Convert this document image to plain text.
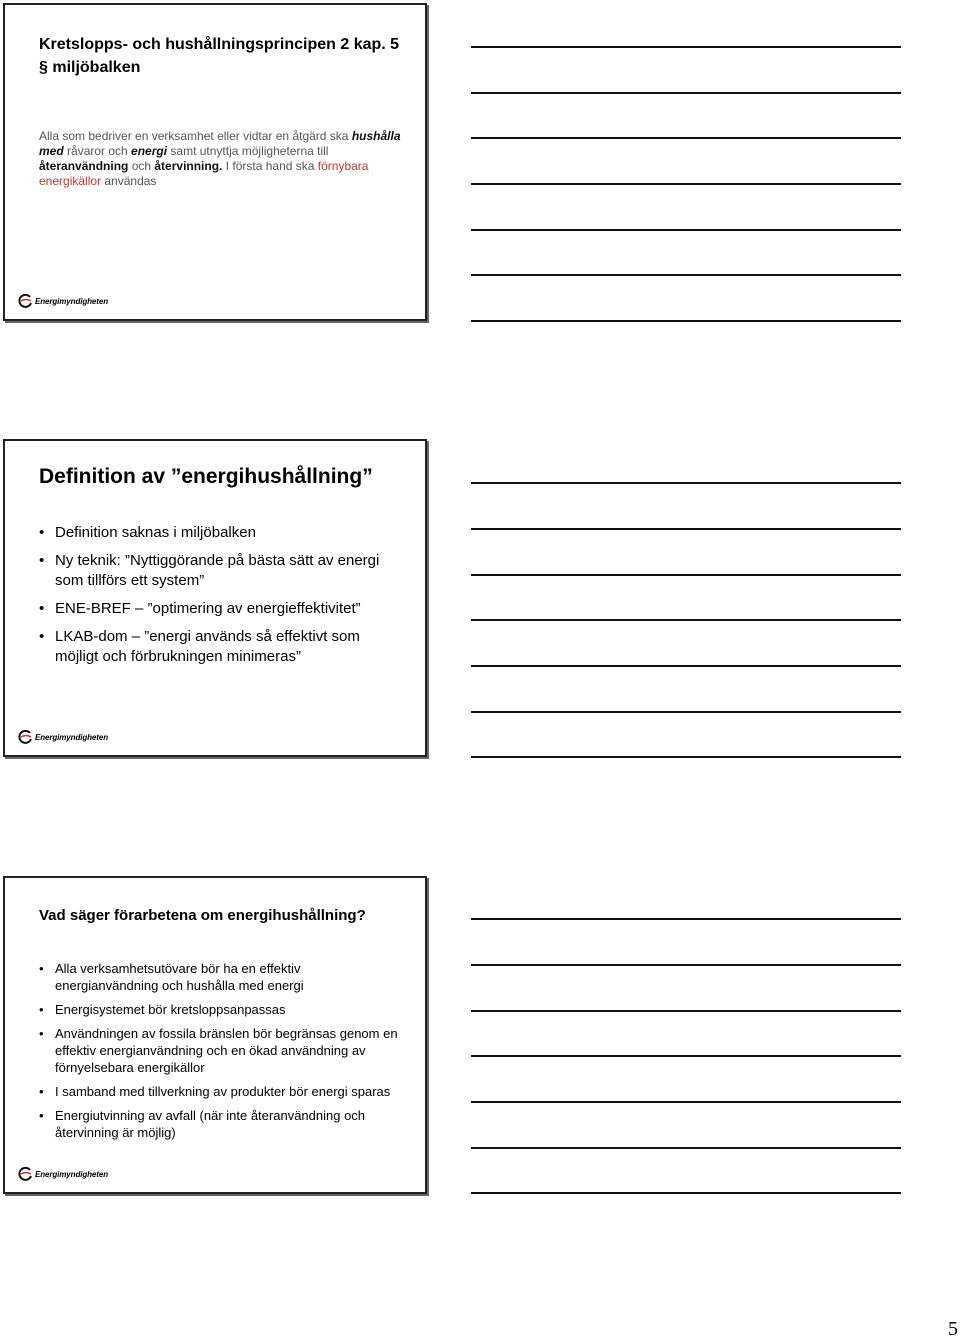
Kretslopps- och hushållningsprincipen 2 kap. 5 § miljöbalken
Alla som bedriver en verksamhet eller vidtar en åtgärd ska hushålla med råvaror och energi samt utnyttja möjligheterna till återanvändning och återvinning. I första hand ska förnybara energikällor användas
Energimyndigheten
Definition av ”energihushållning”
• Definition saknas i miljöbalken
• Ny teknik: ”Nyttiggörande på bästa sätt av energi som tillförs ett system”
• ENE-BREF – ”optimering av energieffektivitet”
• LKAB-dom – ”energi används så effektivt som möjligt och förbrukningen minimeras”
Energimyndigheten
Vad säger förarbetena om energihushållning?
• Alla verksamhetsutövare bör ha en effektiv energianvändning och hushålla med energi
• Energisystemet bör kretsloppsanpassas
• Användningen av fossila bränslen bör begränsas genom en effektiv energianvändning och en ökad användning av förnyelsebara energikällor
• I samband med tillverkning av produkter bör energi sparas
• Energiutvinning av avfall (när inte återanvändning och återvinning är möjlig)
Energimyndigheten
5
